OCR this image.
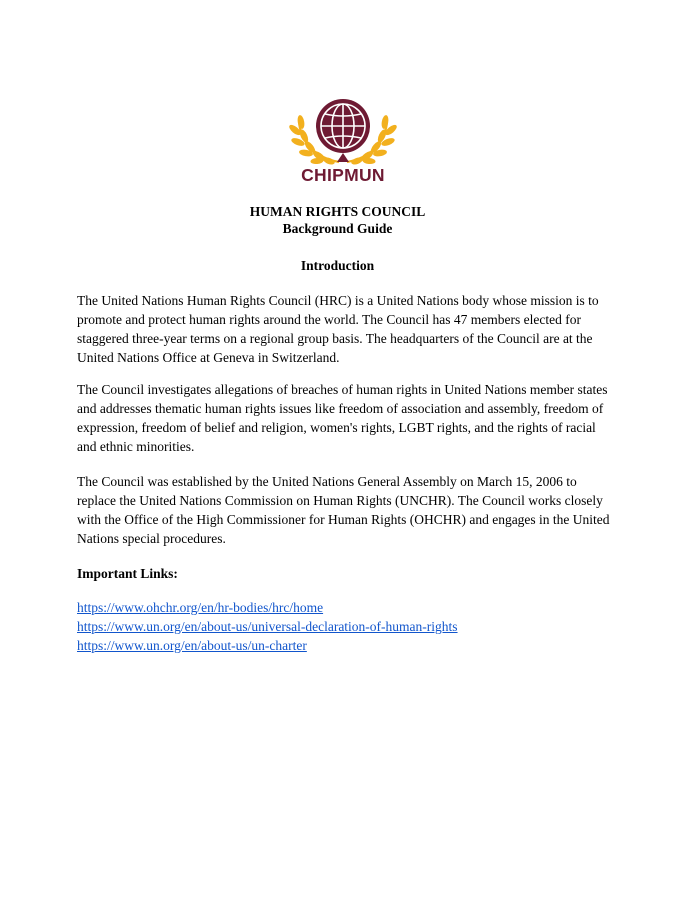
CHIPMUN
HUMAN RIGHTS COUNCIL
Background Guide
Introduction

The United Nations Human Rights Council (HRC) is a United Nations body whose mission is to promote and protect human rights around the world. The Council has 47 members elected for staggered three-year terms on a regional group basis. The headquarters of the Council are at the United Nations Office at Geneva in Switzerland.

The Council investigates allegations of breaches of human rights in United Nations member states and addresses thematic human rights issues like freedom of association and assembly, freedom of expression, freedom of belief and religion, women's rights, LGBT rights, and the rights of racial and ethnic minorities.

The Council was established by the United Nations General Assembly on March 15, 2006 to replace the United Nations Commission on Human Rights (UNCHR). The Council works closely with the Office of the High Commissioner for Human Rights (OHCHR) and engages in the United Nations special procedures.

Important Links:
https://www.ohchr.org/en/hr-bodies/hrc/home
https://www.un.org/en/about-us/universal-declaration-of-human-rights
https://www.un.org/en/about-us/un-charter
